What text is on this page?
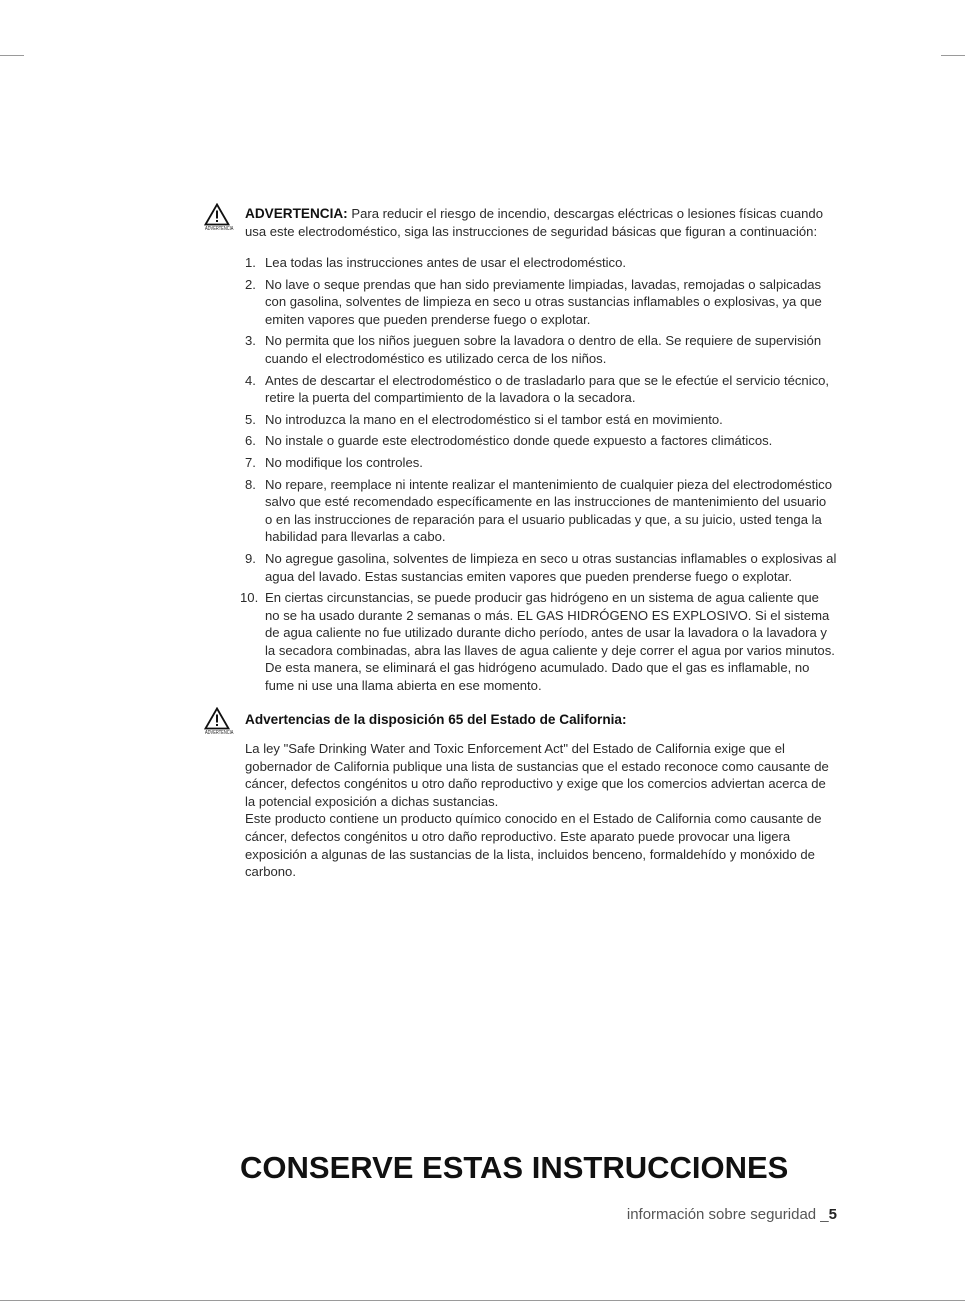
ADVERTENCIA
ADVERTENCIA: Para reducir el riesgo de incendio, descargas eléctricas o lesiones físicas cuando usa este electrodoméstico, siga las instrucciones de seguridad básicas que figuran a continuación:
1. Lea todas las instrucciones antes de usar el electrodoméstico.
2. No lave o seque prendas que han sido previamente limpiadas, lavadas, remojadas o salpicadas con gasolina, solventes de limpieza en seco u otras sustancias inflamables o explosivas, ya que emiten vapores que pueden prenderse fuego o explotar.
3. No permita que los niños jueguen sobre la lavadora o dentro de ella. Se requiere de supervisión cuando el electrodoméstico es utilizado cerca de los niños.
4. Antes de descartar el electrodoméstico o de trasladarlo para que se le efectúe el servicio técnico, retire la puerta del compartimiento de la lavadora o la secadora.
5. No introduzca la mano en el electrodoméstico si el tambor está en movimiento.
6. No instale o guarde este electrodoméstico donde quede expuesto a factores climáticos.
7. No modifique los controles.
8. No repare, reemplace ni intente realizar el mantenimiento de cualquier pieza del electrodoméstico salvo que esté recomendado específicamente en las instrucciones de mantenimiento del usuario o en las instrucciones de reparación para el usuario publicadas y que, a su juicio, usted tenga la habilidad para llevarlas a cabo.
9. No agregue gasolina, solventes de limpieza en seco u otras sustancias inflamables o explosivas al agua del lavado. Estas sustancias emiten vapores que pueden prenderse fuego o explotar.
10. En ciertas circunstancias, se puede producir gas hidrógeno en un sistema de agua caliente que no se ha usado durante 2 semanas o más. EL GAS HIDRÓGENO ES EXPLOSIVO. Si el sistema de agua caliente no fue utilizado durante dicho período, antes de usar la lavadora o la lavadora y la secadora combinadas, abra las llaves de agua caliente y deje correr el agua por varios minutos. De esta manera, se eliminará el gas hidrógeno acumulado. Dado que el gas es inflamable, no fume ni use una llama abierta en ese momento.
ADVERTENCIA
Advertencias de la disposición 65 del Estado de California:

La ley "Safe Drinking Water and Toxic Enforcement Act" del Estado de California exige que el gobernador de California publique una lista de sustancias que el estado reconoce como causante de cáncer, defectos congénitos u otro daño reproductivo y exige que los comercios adviertan acerca de la potencial exposición a dichas sustancias.

Este producto contiene un producto químico conocido en el Estado de California como causante de cáncer, defectos congénitos u otro daño reproductivo. Este aparato puede provocar una ligera exposición a algunas de las sustancias de la lista, incluidos benceno, formaldehído y monóxido de carbono.

CONSERVE ESTAS INSTRUCCIONES
información sobre seguridad _5
